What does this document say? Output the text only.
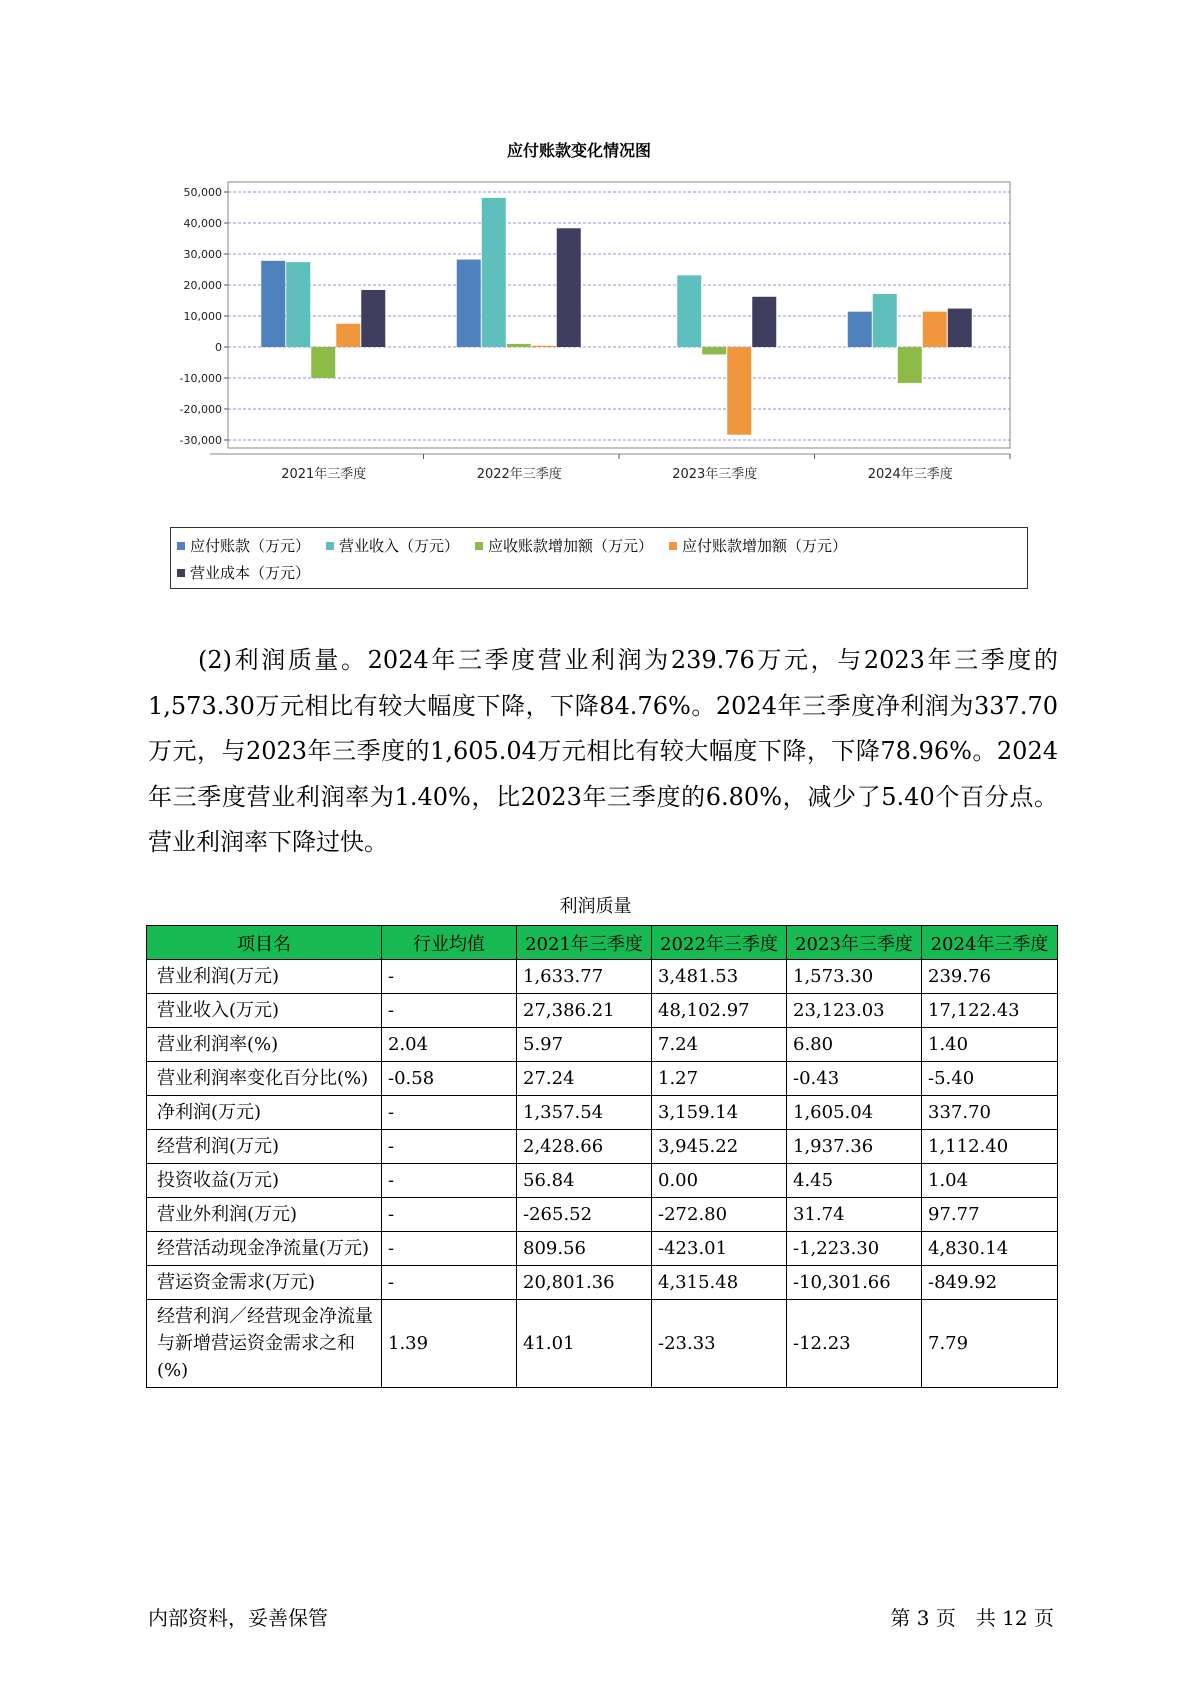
应付账款变化情况图
50,000
40,000
30,000
20,000
10,000
0
-10,000
-20,000
-30,000
2021年三季度	2022年三季度	2023年三季度	2024年三季度
应付账款（万元） 营业收入（万元） 应收账款增加额（万元） 应付账款增加额（万元）

营业成本（万元）
(2)利润质量。2024年三季度营业利润为239.76万元，与2023年三季度的1,573.30万元相比有较大幅度下降，下降84.76%。2024年三季度净利润为337.70万元，与2023年三季度的1,605.04万元相比有较大幅度下降，下降78.96%。2024年三季度营业利润率为1.40%，比2023年三季度的6.80%，减少了5.40个百分点。营业利润率下降过快。
利润质量
项目名	行业均值	2021年三季度	2022年三季度	2023年三季度	2024年三季度
营业利润(万元)	-	1,633.77	3,481.53	1,573.30	239.76
营业收入(万元)	-	27,386.21	48,102.97	23,123.03	17,122.43
营业利润率(%)	2.04	5.97	7.24	6.80	1.40
营业利润率变化百分比(%)	-0.58	27.24	1.27	-0.43	-5.40
净利润(万元)	-	1,357.54	3,159.14	1,605.04	337.70
经营利润(万元)	-	2,428.66	3,945.22	1,937.36	1,112.40
投资收益(万元)	-	56.84	0.00	4.45	1.04
营业外利润(万元)	-	-265.52	-272.80	31.74	97.77
经营活动现金净流量(万元)	-	809.56	-423.01	-1,223.30	4,830.14
营运资金需求(万元)	-	20,801.36	4,315.48	-10,301.66	-849.92
经营利润／经营现金净流量与新增营运资金需求之和(%)	1.39	41.01	-23.33	-12.23	7.79
内部资料，妥善保管	第 3 页　共 12 页
